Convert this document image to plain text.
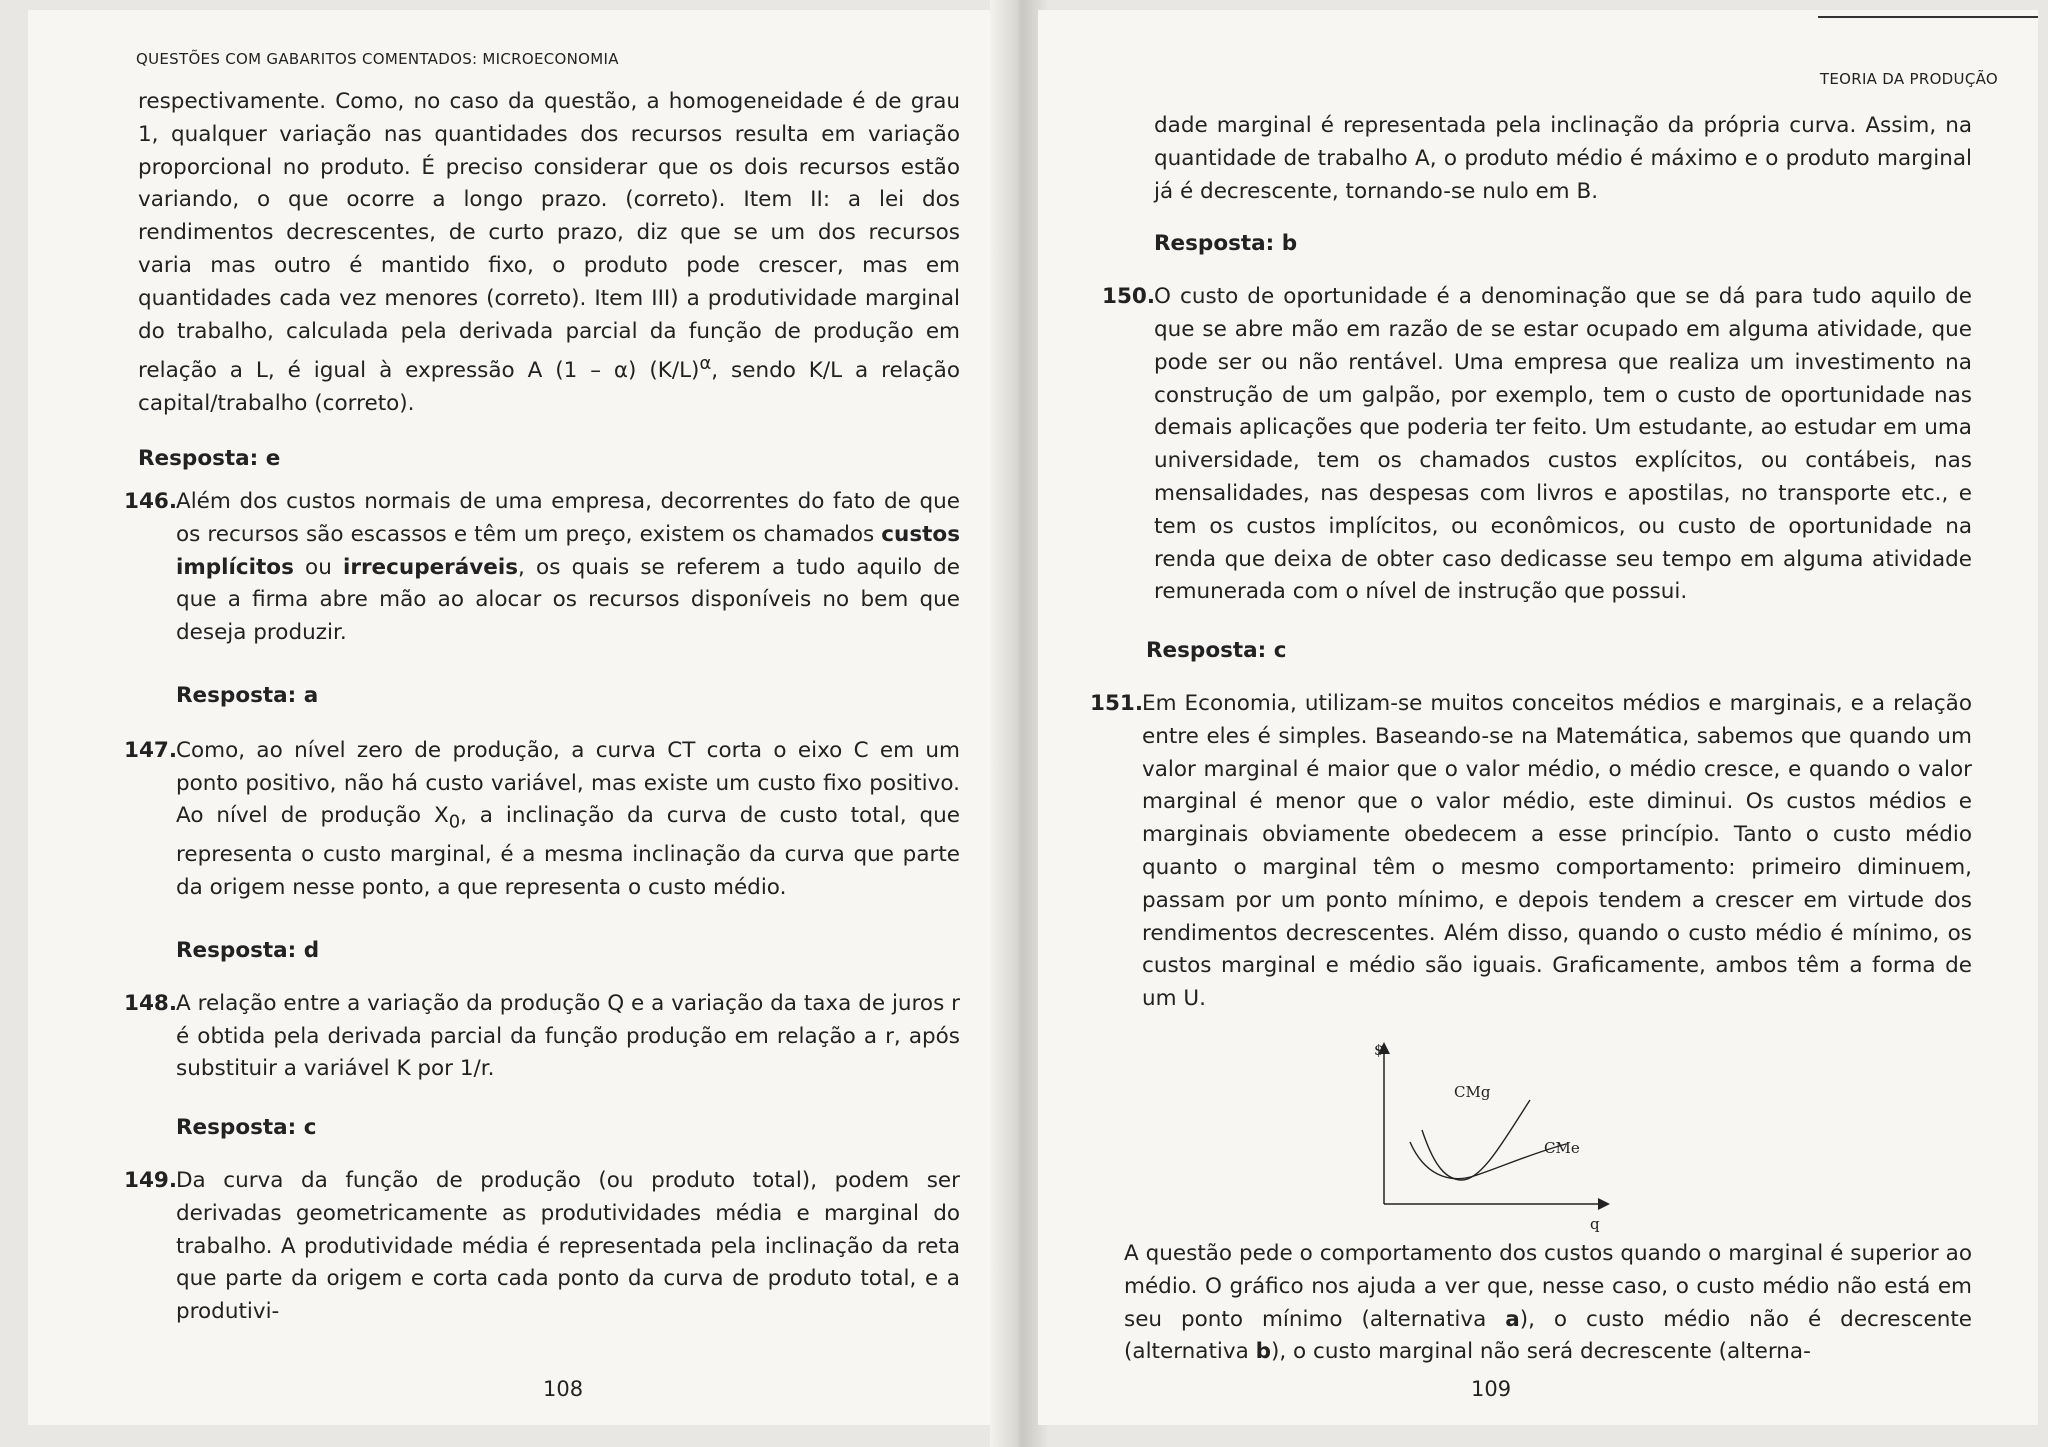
QUESTÕES COM GABARITOS COMENTADOS: MICROECONOMIA

respectivamente. Como, no caso da questão, a homogeneidade é de grau 1, qualquer variação nas quantidades dos recursos resulta em variação proporcional no produto. É preciso considerar que os dois recursos estão variando, o que ocorre a longo prazo. (correto). Item II: a lei dos rendimentos decrescentes, de curto prazo, diz que se um dos recursos varia mas outro é mantido fixo, o produto pode crescer, mas em quantidades cada vez menores (correto). Item III) a produtividade marginal do trabalho, calculada pela derivada parcial da função de produção em relação a L, é igual à expressão A (1 – α) $(K/L)^\alpha$, sendo K/L a relação capital/trabalho (correto).

Resposta: e

146.

Além dos custos normais de uma empresa, decorrentes do fato de que os recursos são escassos e têm um preço, existem os chamados custos implícitos ou irrecuperáveis, os quais se referem a tudo aquilo de que a firma abre mão ao alocar os recursos disponíveis no bem que deseja produzir.

Resposta: a

147.

Como, ao nível zero de produção, a curva CT corta o eixo C em um ponto positivo, não há custo variável, mas existe um custo fixo positivo. Ao nível de produção $X_0$, a inclinação da curva de custo total, que representa o custo marginal, é a mesma inclinação da curva que parte da origem nesse ponto, a que representa o custo médio.

Resposta: d

148.

A relação entre a variação da produção Q e a variação da taxa de juros r é obtida pela derivada parcial da função produção em relação a r, após substituir a variável K por 1/r.

Resposta: c

149.

Da curva da função de produção (ou produto total), podem ser derivadas geometricamente as produtividades média e marginal do trabalho. A produtividade média é representada pela inclinação da reta que parte da origem e corta cada ponto da curva de produto total, e a produtivi-

108
TEORIA DA PRODUÇÃO

dade marginal é representada pela inclinação da própria curva. Assim, na quantidade de trabalho A, o produto médio é máximo e o produto marginal já é decrescente, tornando-se nulo em B.

Resposta: b

150.

O custo de oportunidade é a denominação que se dá para tudo aquilo de que se abre mão em razão de se estar ocupado em alguma atividade, que pode ser ou não rentável. Uma empresa que realiza um investimento na construção de um galpão, por exemplo, tem o custo de oportunidade nas demais aplicações que poderia ter feito. Um estudante, ao estudar em uma universidade, tem os chamados custos explícitos, ou contábeis, nas mensalidades, nas despesas com livros e apostilas, no transporte etc., e tem os custos implícitos, ou econômicos, ou custo de oportunidade na renda que deixa de obter caso dedicasse seu tempo em alguma atividade remunerada com o nível de instrução que possui.

Resposta: c

151.

Em Economia, utilizam-se muitos conceitos médios e marginais, e a relação entre eles é simples. Baseando-se na Matemática, sabemos que quando um valor marginal é maior que o valor médio, o médio cresce, e quando o valor marginal é menor que o valor médio, este diminui. Os custos médios e marginais obviamente obedecem a esse princípio. Tanto o custo médio quanto o marginal têm o mesmo comportamento: primeiro diminuem, passam por um ponto mínimo, e depois tendem a crescer em virtude dos rendimentos decrescentes. Além disso, quando o custo médio é mínimo, os custos marginal e médio são iguais. Graficamente, ambos têm a forma de um U.

$
q
CMg
CMe

A questão pede o comportamento dos custos quando o marginal é superior ao médio. O gráfico nos ajuda a ver que, nesse caso, o custo médio não está em seu ponto mínimo (alternativa a), o custo médio não é decrescente (alternativa b), o custo marginal não será decrescente (alterna-

109
